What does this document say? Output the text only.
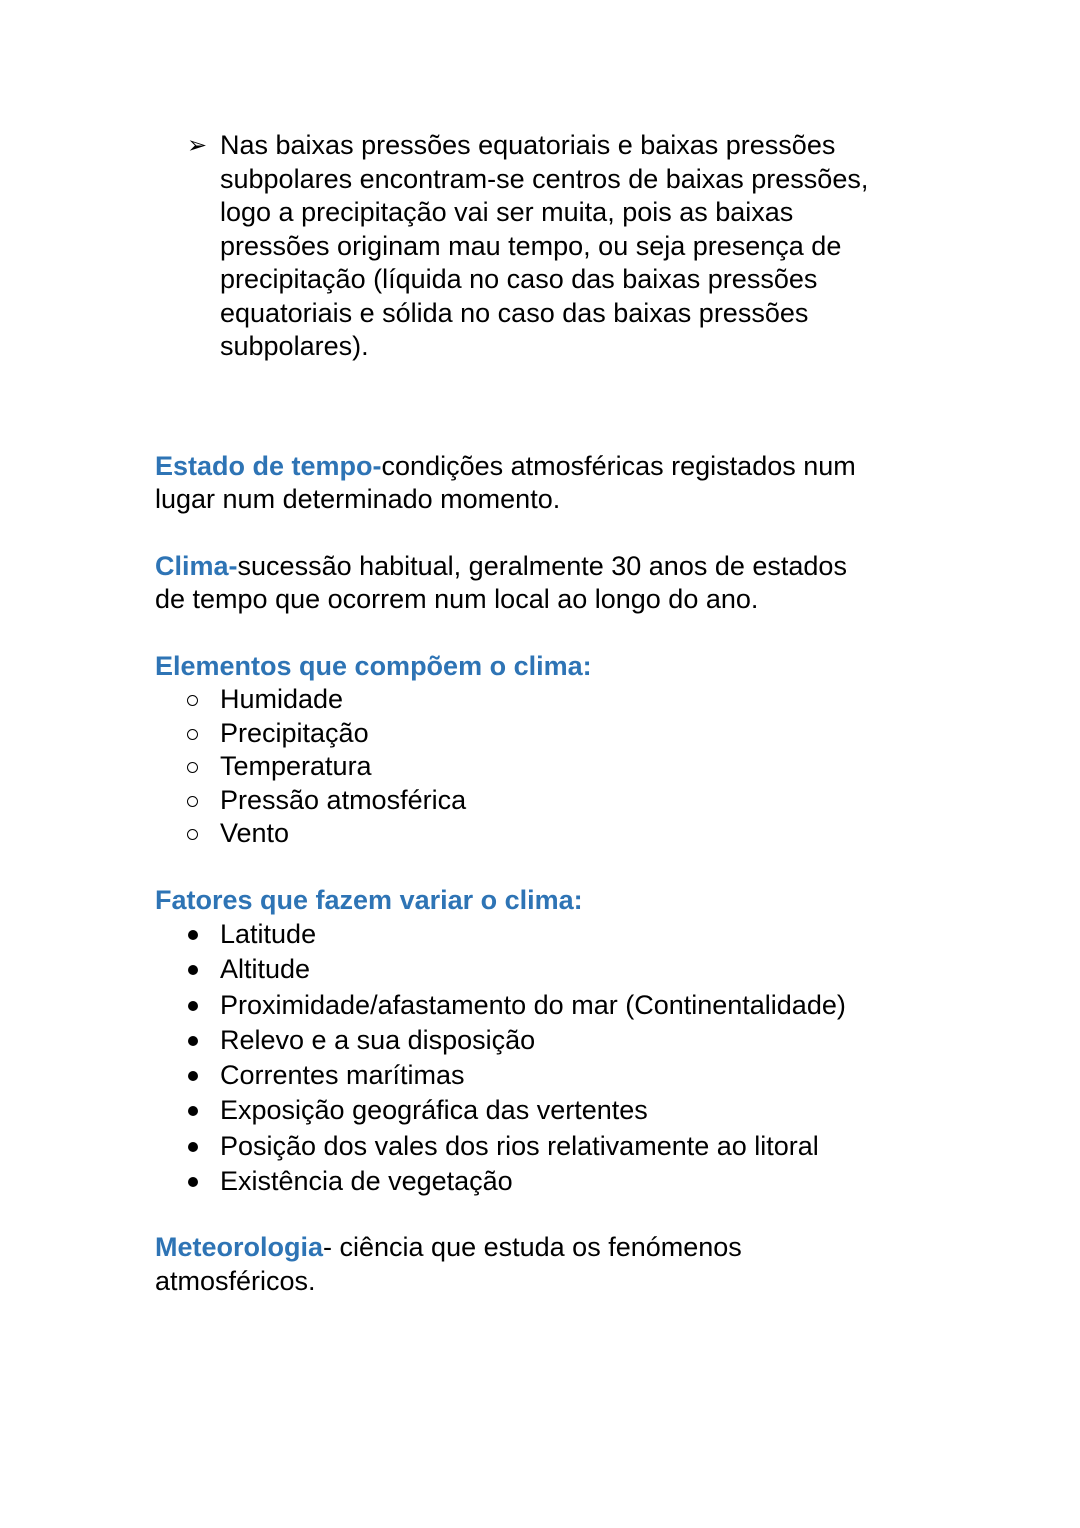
➢ Nas baixas pressões equatoriais e baixas pressões
subpolares encontram-se centros de baixas pressões,
logo a precipitação vai ser muita, pois as baixas
pressões originam mau tempo, ou seja presença de
precipitação (líquida no caso das baixas pressões
equatoriais e sólida no caso das baixas pressões
subpolares).
Estado de tempo-condições atmosféricas registados num
lugar num determinado momento.
Clima-sucessão habitual, geralmente 30 anos de estados
de tempo que ocorrem num local ao longo do ano.
Elementos que compõem o clima:
Humidade
Precipitação
Temperatura
Pressão atmosférica
Vento
Fatores que fazem variar o clima:
Latitude
Altitude
Proximidade/afastamento do mar (Continentalidade)
Relevo e a sua disposição
Correntes marítimas
Exposição geográfica das vertentes
Posição dos vales dos rios relativamente ao litoral
Existência de vegetação
Meteorologia- ciência que estuda os fenómenos
atmosféricos.
